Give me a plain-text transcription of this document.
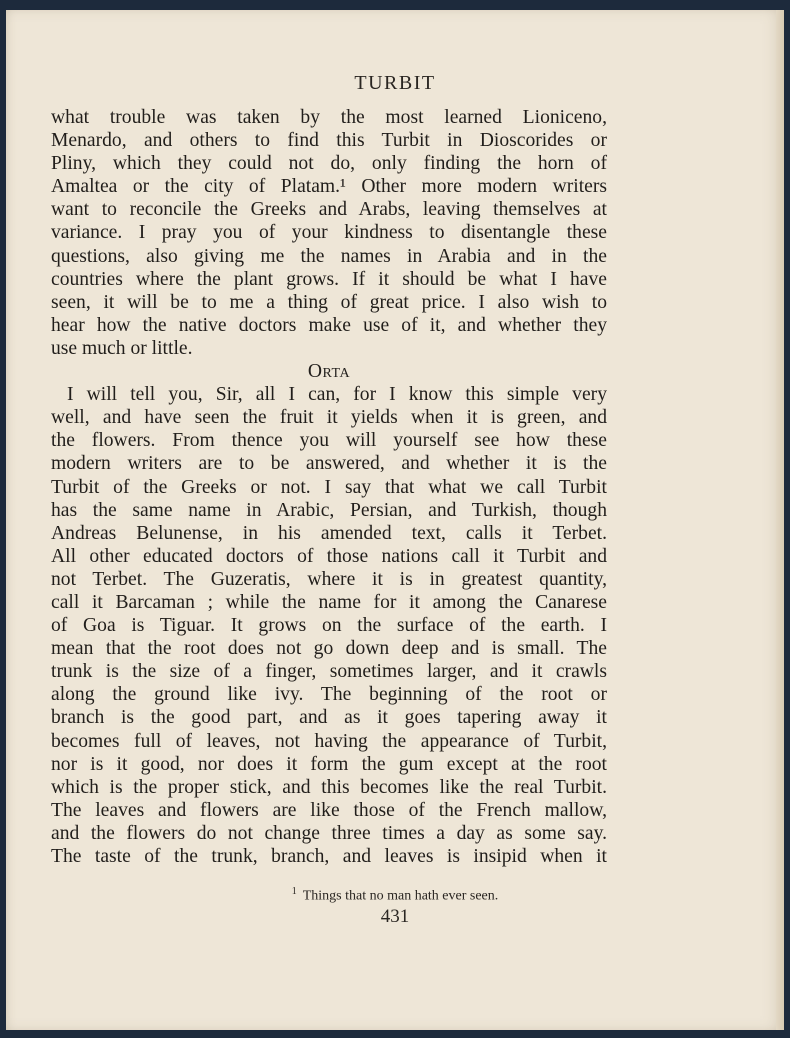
TURBIT
what trouble was taken by the most learned Lioniceno,
Menardo, and others to find this Turbit in Dioscorides or
Pliny, which they could not do, only finding the horn of
Amaltea or the city of Platam.¹ Other more modern writers
want to reconcile the Greeks and Arabs, leaving themselves at
variance. I pray you of your kindness to disentangle these
questions, also giving me the names in Arabia and in the
countries where the plant grows. If it should be what I have
seen, it will be to me a thing of great price. I also wish to
hear how the native doctors make use of it, and whether they
use much or little.
Orta
I will tell you, Sir, all I can, for I know this simple very
well, and have seen the fruit it yields when it is green, and
the flowers. From thence you will yourself see how these
modern writers are to be answered, and whether it is the
Turbit of the Greeks or not. I say that what we call Turbit
has the same name in Arabic, Persian, and Turkish, though
Andreas Belunense, in his amended text, calls it Terbet.
All other educated doctors of those nations call it Turbit and
not Terbet. The Guzeratis, where it is in greatest quantity,
call it Barcaman ; while the name for it among the Canarese
of Goa is Tiguar. It grows on the surface of the earth. I
mean that the root does not go down deep and is small. The
trunk is the size of a finger, sometimes larger, and it crawls
along the ground like ivy. The beginning of the root or
branch is the good part, and as it goes tapering away it
becomes full of leaves, not having the appearance of Turbit,
nor is it good, nor does it form the gum except at the root
which is the proper stick, and this becomes like the real Turbit.
The leaves and flowers are like those of the French mallow,
and the flowers do not change three times a day as some say.
The taste of the trunk, branch, and leaves is insipid when it
$^1$ Things that no man hath ever seen.
431
